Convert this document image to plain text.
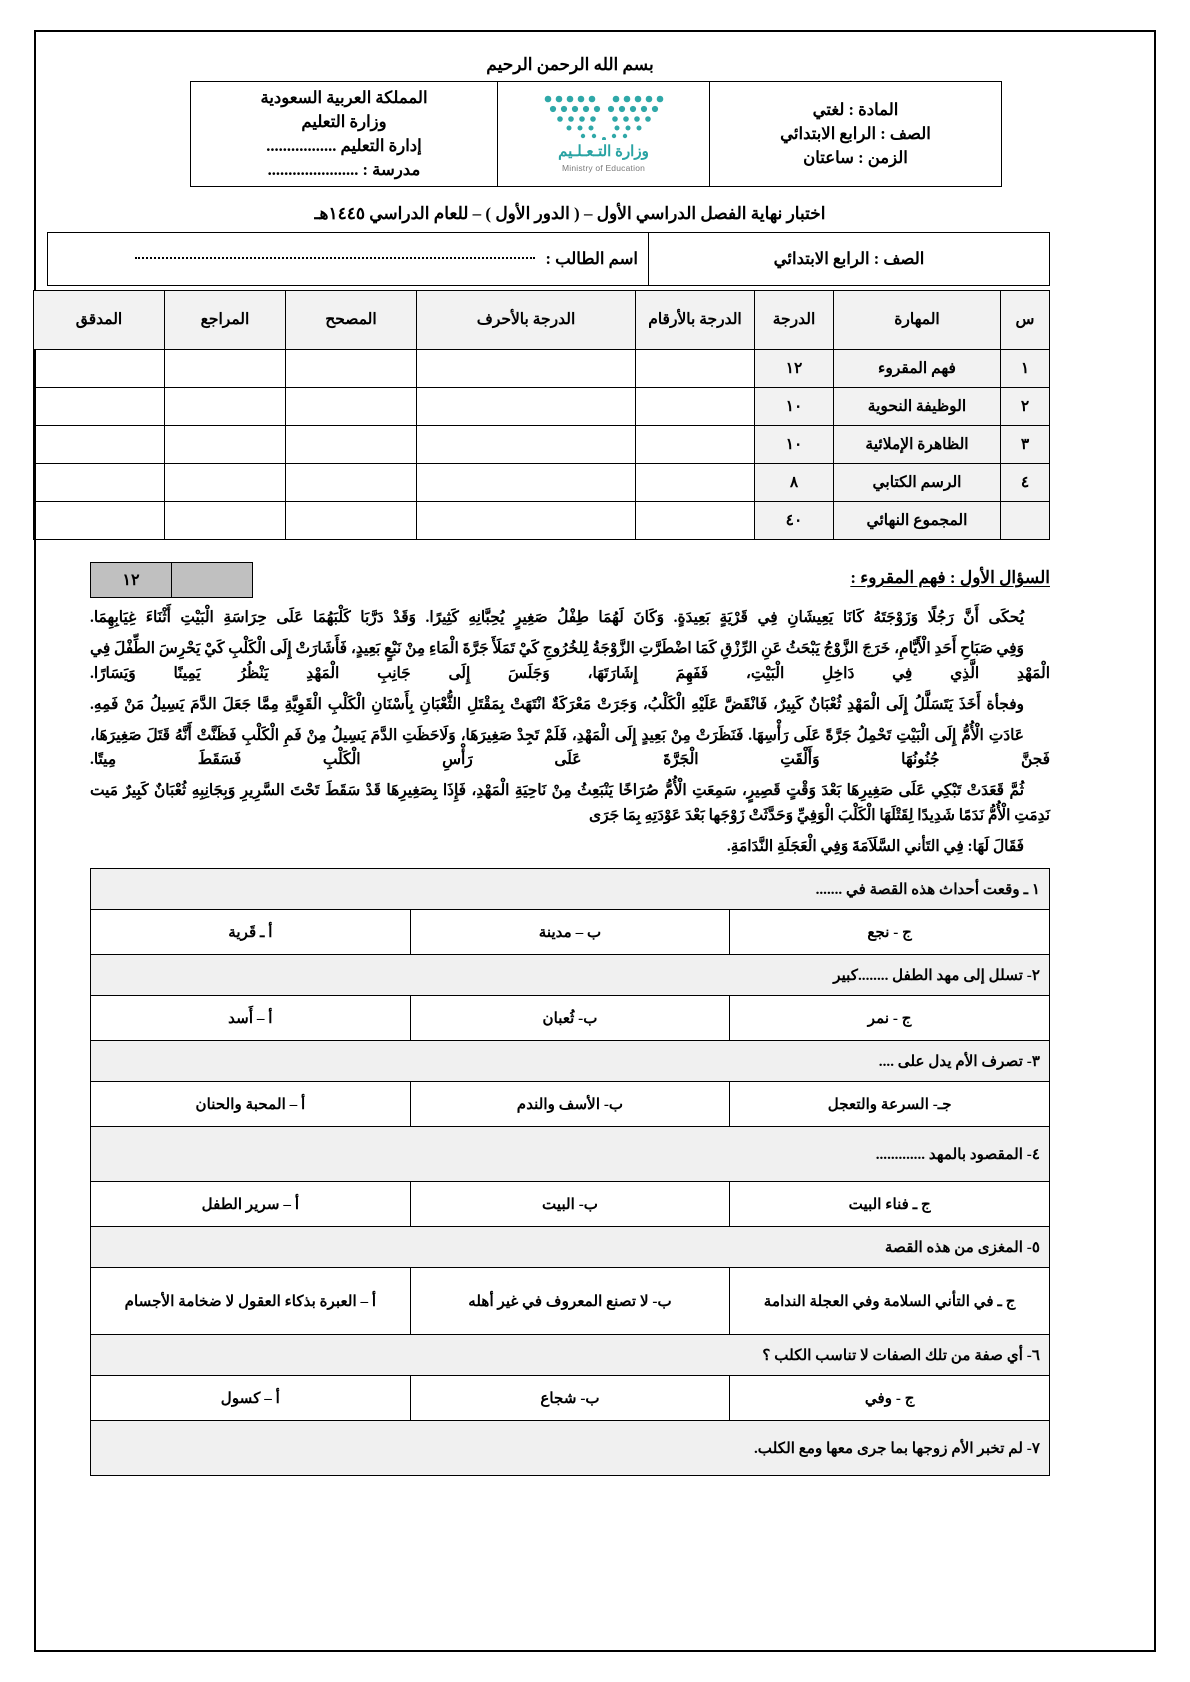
بسم الله الرحمن الرحيم
المادة : لغتي
الصف : الرابع الابتدائي
الزمن : ساعتان

وزارة التـعـلـيم
Ministry of Education

المملكة العربية السعودية
وزارة التعليم
إدارة التعليم .................
مدرسة : ......................
اختبار نهاية الفصل الدراسي الأول – ( الدور الأول ) – للعام الدراسي ١٤٤٥هـ
الصف : الرابع الابتدائي	اسم الطالب :
س	المهارة	الدرجة	الدرجة بالأرقام	الدرجة بالأحرف	المصحح	المراجع	المدقق
١	فهم المقروء	١٢					
٢	الوظيفة النحوية	١٠					
٣	الظاهرة الإملائية	١٠					
٤	الرسم الكتابي	٨					
	المجموع النهائي	٤٠					
السؤال الأول : فهم المقروء :
١٢

يُحكَى أَنَّ رَجُلًا وَزَوْجَتَهُ كَانَا يَعِيشَانِ فِي قَرْيَةٍ بَعِيدَةٍ. وَكَانَ لَهُمَا طِفْلُ صَغِيرٍ يُحِبَّانِهِ كَثِيرًا. وَقَدْ دَرَّبَا كَلْبَهُمَا عَلَى حِرَاسَةِ الْبَيْتِ أَثْنَاءَ غِيَابِهِمَا.

وَفِي صَبَاحِ أَحَدِ الْأَيَّامِ، خَرَجَ الزَّوْجُ يَبْحَثُ عَنِ الرِّزْقِ كَمَا اضْطَرَّتِ الزَّوْجَةُ لِلخُرُوجِ كَيْ تَمَلَأَ جَرَّةَ الْمَاءِ مِنْ نَبْعٍ بَعِيدٍ، فَأَشَارَتْ إِلَى الْكَلْبِ كَيْ يَحْرِسَ الطِّفْلَ فِي الْمَهْدِ الَّذِي فِي دَاخِلِ الْبَيْتِ، فَفَهِمَ إِشَارَتَهَا، وَجَلَسَ إِلَى جَانِبِ الْمَهْدِ يَنْظُرُ يَمِينًا وَيَسَارًا.

وفجأة أَخَذَ يَتَسَلَّلُ إِلَى الْمَهْدِ ثُعْبَانٌ كَبِيرٌ، فَانْقَضَّ عَلَيْهِ الْكَلْبُ، وَجَرَتْ مَعْرَكَةٌ انْتَهَتْ بِمَقْتَلِ الثُّعْبَانِ بِأَسْنَانِ الْكَلْبِ الْقَوِيَّةِ مِمَّا جَعَلَ الدَّمَ يَسِيلُ مَنْ فَمِهِ.

عَادَتِ الْأُمُّ إِلَى الْبَيْتِ تَحْمِلُ جَرَّةً عَلَى رَأْسِهَا. فَنَظَرَتْ مِنْ بَعِيدٍ إِلَى الْمَهْدِ، فَلَمْ تَجِدْ صَغِيرَهَا، وَلَاحَظَتِ الدَّمَ يَسِيلُ مِنْ فَمِ الْكَلْبِ فَظَنَّتْ أَنَّهُ قَتَلَ صَغِيرَهَا، فَجنَّ جُنُونُهَا وَأَلْقَتِ الْجَرَّةَ عَلَى رَأْسِ الْكَلْبِ فَسَقَطَ مِيتًا.

ثُمَّ قَعَدَتْ تَبْكِي عَلَى صَغِيرِهَا بَعْدَ وَقْتٍ قَصِيرٍ، سَمِعَتِ الْأُمُّ صُرَاخًا يَنْبَعِثُ مِنْ نَاحِيَةِ الْمَهْدِ، فَإِذَا بِصَغِيرِهَا قَدْ سَقَطَ تَحْتَ السَّرِيرِ وَبِجَانِبِهِ ثُعْبَانٌ كَبِيرٌ مَيت نَدِمَتِ الْأُمُّ نَدَمًا شَدِيدًا لِقَتْلَهَا الْكَلْبَ الْوَفِيِّ وَحَدَّثَتْ زَوْجَها بَعْدَ عَوْدَتِهِ بِمَا جَرَى

فَقَالَ لَهَا: فِي التَأني السَّلَاَمَةَ وَفِي الْعَجَلَةِ النَّدَامَةِ.

١ ـ وقعت أحداث هذه القصة في .......		
ج - نجع	ب – مدينة	أ ـ قَرية
٢- تسلل إلى مهد الطفل ........كبير		
ج - نمر	ب- ثُعبان	أ – أَسد
٣- تصرف الأم يدل على ....		
جـ- السرعة والتعجل	ب- الأسف والندم	أ – المحبة والحنان
٤- المقصود بالمهد .............		
ج ـ فناء البيت	ب- البيت	أ – سرير الطفل
٥- المغزى من هذه القصة		
ج ـ في التأني السلامة وفي العجلة الندامة	ب- لا تصنع المعروف في غير أهله	أ – العبرة بذكاء العقول لا ضخامة الأجسام
٦- أي صفة من تلك الصفات لا تناسب الكلب ؟		
ج - وفي	ب- شجاع	أ – كسول
٧- لم تخبر الأم زوجها بما جرى معها ومع الكلب.		
